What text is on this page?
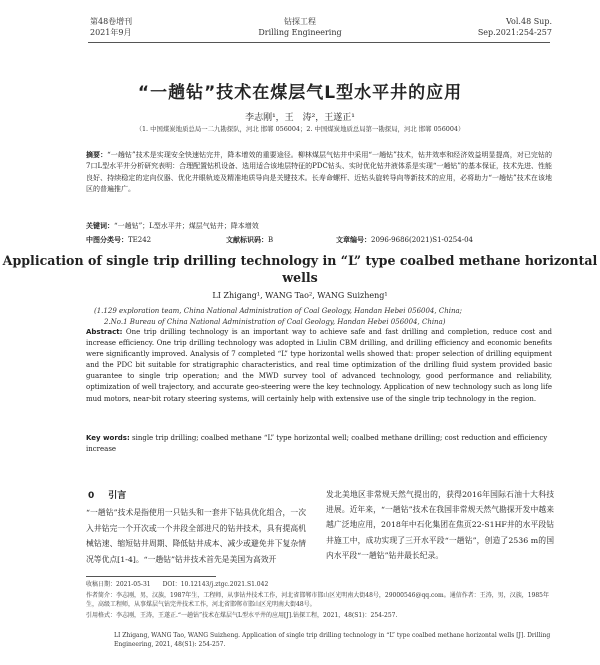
第48卷增刊
2021年9月
钻探工程
Drilling Engineering
Vol.48 Sup.
Sep.2021:254-257
“一趟钻”技术在煤层气L型水平井的应用
李志刚¹，王　涛²，王遂正¹
（1. 中国煤炭地质总局一二九勘探队，河北 邯郸 056004；2. 中国煤炭地质总局第一勘探局，河北 邯郸 056004）
摘要：“一趟钻”技术是实现安全快速钻完井，降本增效的重要途径。柳林煤层气钻井中采用“一趟钻”技术，钻井效率和经济效益明显提高，对已完钻的7口L型水平井分析研究表明：合理配置钻机设备、选用适合该地层特征的PDC钻头、实时优化钻井液体系是实现“一趟钻”的基本保证，技术先进、性能良好、持续稳定的定向仪器、优化井眼轨迹及精准地质导向是关键技术。长寿命螺杆、近钻头旋转导向等新技术的应用，必将助力“一趟钻”技术在该地区的普遍推广。
关键词：“一趟钻”；L型水平井；煤层气钻井；降本增效
中图分类号：TE242	文献标识码：B	文章编号：2096-9686(2021)S1-0254-04
Application of single trip drilling technology in “L” type coalbed methane horizontal wells
LI Zhigang¹, WANG Tao², WANG Suizheng¹
(1.129 exploration team, China National Administration of Coal Geology, Handan Hebei 056004, China;
2.No.1 Bureau of China National Administration of Coal Geology, Handan Hebei 056004, China)
Abstract: One trip drilling technology is an important way to achieve safe and fast drilling and completion, reduce cost and increase efficiency. One trip drilling technology was adopted in Liulin CBM drilling, and drilling efficiency and economic benefits were significantly improved. Analysis of 7 completed “L” type horizontal wells showed that: proper selection of drilling equipment and the PDC bit suitable for stratigraphic characteristics, and real time optimization of the drilling fluid system provided basic guarantee to single trip operation; and the MWD survey tool of advanced technology, good performance and reliability, optimization of well trajectory, and accurate geo-steering were the key technology. Application of new technology such as long life mud motors, near-bit rotary steering systems, will certainly help with extensive use of the single trip technology in the region.
Key words: single trip drilling; coalbed methane “L” type horizontal well; coalbed methane drilling; cost reduction and efficiency increase
0 引言
“一趟钻”技术是指使用一只钻头和一套井下钻具优化组合，一次入井钻完一个开次或一个井段全部进尺的钻井技术，具有提高机械钻速、缩短钻井周期、降低钻井成本、减少或避免井下复杂情况等优点[1-4]。“一趟钻”钻井技术首先是美国为高效开
发北美地区非常规天然气提出的，获得2016年国际石油十大科技进展。近年来，“一趟钻”技术在我国非常规天然气勘探开发中越来越广泛地应用，2018年中石化集团在焦页22-S1HF井的水平段钻井施工中，成功实现了三开水平段“一趟钻”，创造了2536 m的国内水平段“一趟钻”钻井最长纪录。
收稿日期：2021-05-31　　DOI：10.12143/j.ztgc.2021.S1.042
作者简介：李志刚，男，汉族，1987年生，工程师，从事钻井技术工作，河北省邯郸市邯山区光明南大街48号，29000546@qq.com。通信作者：王涛，男，汉族，1985年生，高级工程师，从事煤层气钻完井技术工作，河北省邯郸市邯山区光明南大街48号。
引用格式：李志刚，王涛，王遂正.“一趟钻”技术在煤层气L型水平井的应用[J].钻探工程，2021，48(S1)：254-257.
LI Zhigang, WANG Tao, WANG Suizheng. Application of single trip drilling technology in “L” type coalbed methane horizontal wells [J]. Drilling Engineering, 2021, 48(S1): 254-257.
